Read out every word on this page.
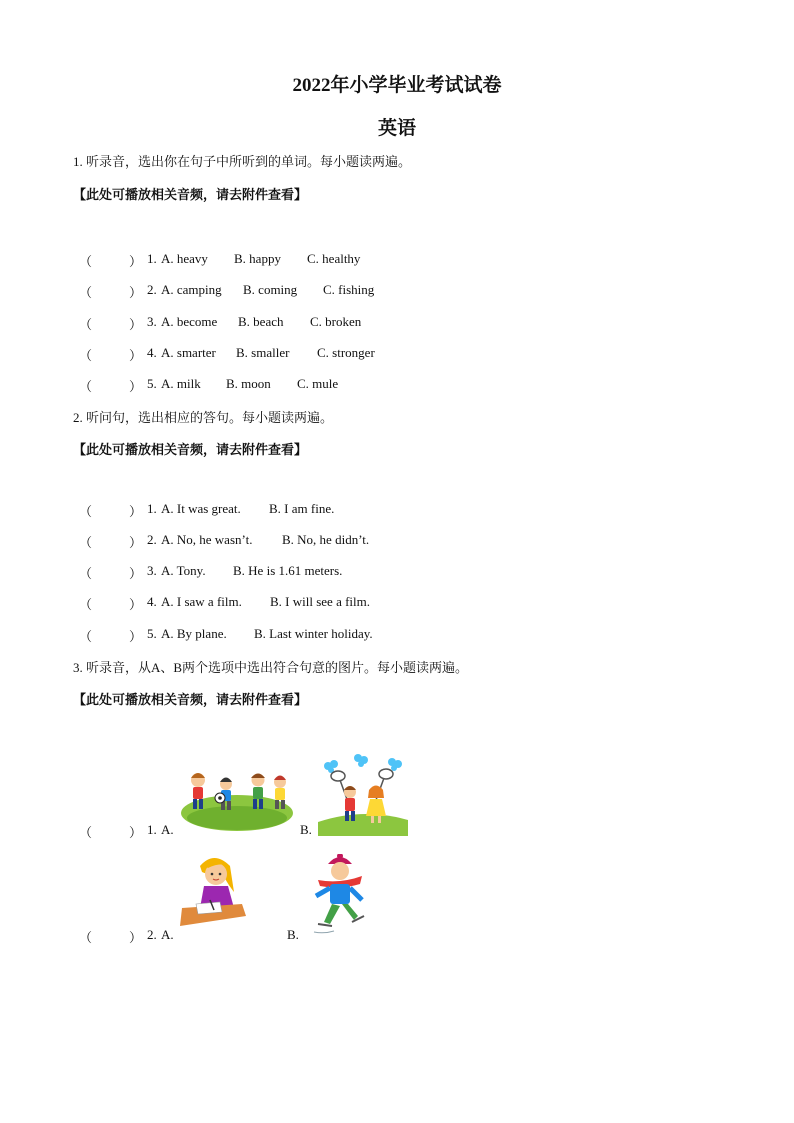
2022年小学毕业考试试卷
英语
1. 听录音，选出你在句子中所听到的单词。每小题读两遍。
【此处可播放相关音频，请去附件查看】
（	） 1. A. heavy B. happy C. healthy
（	） 2. A. camping B. coming C. fishing
（	） 3. A. become B. beach C. broken
（	） 4. A. smarter B. smaller C. stronger
（	） 5. A. milk B. moon C. mule
2. 听问句，选出相应的答句。每小题读两遍。
【此处可播放相关音频，请去附件查看】
（	） 1. A. It was great. B. I am fine.
（	） 2. A. No, he wasn’t. B. No, he didn’t.
（	） 3. A. Tony. B. He is 1.61 meters.
（	） 4. A. I saw a film. B. I will see a film.
（	） 5. A. By plane. B. Last winter holiday.
3. 听录音，从A、B两个选项中选出符合句意的图片。每小题读两遍。
【此处可播放相关音频，请去附件查看】
（	） 1. A.	B.
（	） 2. A.	B.
